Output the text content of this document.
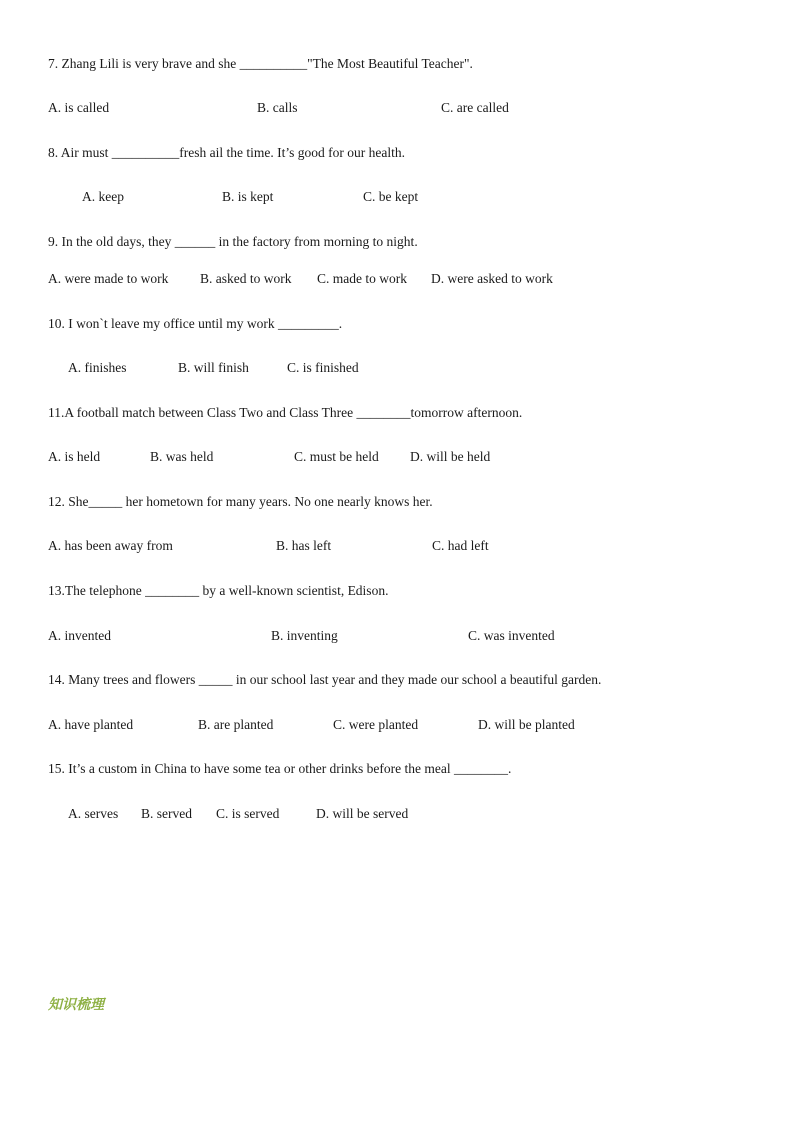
7. Zhang Lili is very brave and she __________"The Most Beautiful Teacher".
A. is called	B. calls	C. are called
8. Air must __________fresh ail the time. It’s good for our health.
A. keep	B. is kept	C. be kept
9. In the old days, they ______ in the factory from morning to night.
A. were made to work B. asked to work C. made to work D. were asked to work
10. I won`t leave my office until my work _________.
A. finishes	B. will finish	C. is finished
11.A football match between Class Two and Class Three ________tomorrow afternoon.
A. is held	B. was held	C. must be held D. will be held
12. She_____ her hometown for many years. No one nearly knows her.
A. has been away from	B. has left	C. had left
13.The telephone ________ by a well-known scientist, Edison.
A. invented	B. inventing	C. was invented
14. Many trees and flowers _____ in our school last year and they made our school a beautiful garden.
A. have planted	B. are planted	C. were planted	D. will be planted
15. It’s a custom in China to have some tea or other drinks before the meal ________.
A. serves B. served C. is served	D. will be served
知识梳理
